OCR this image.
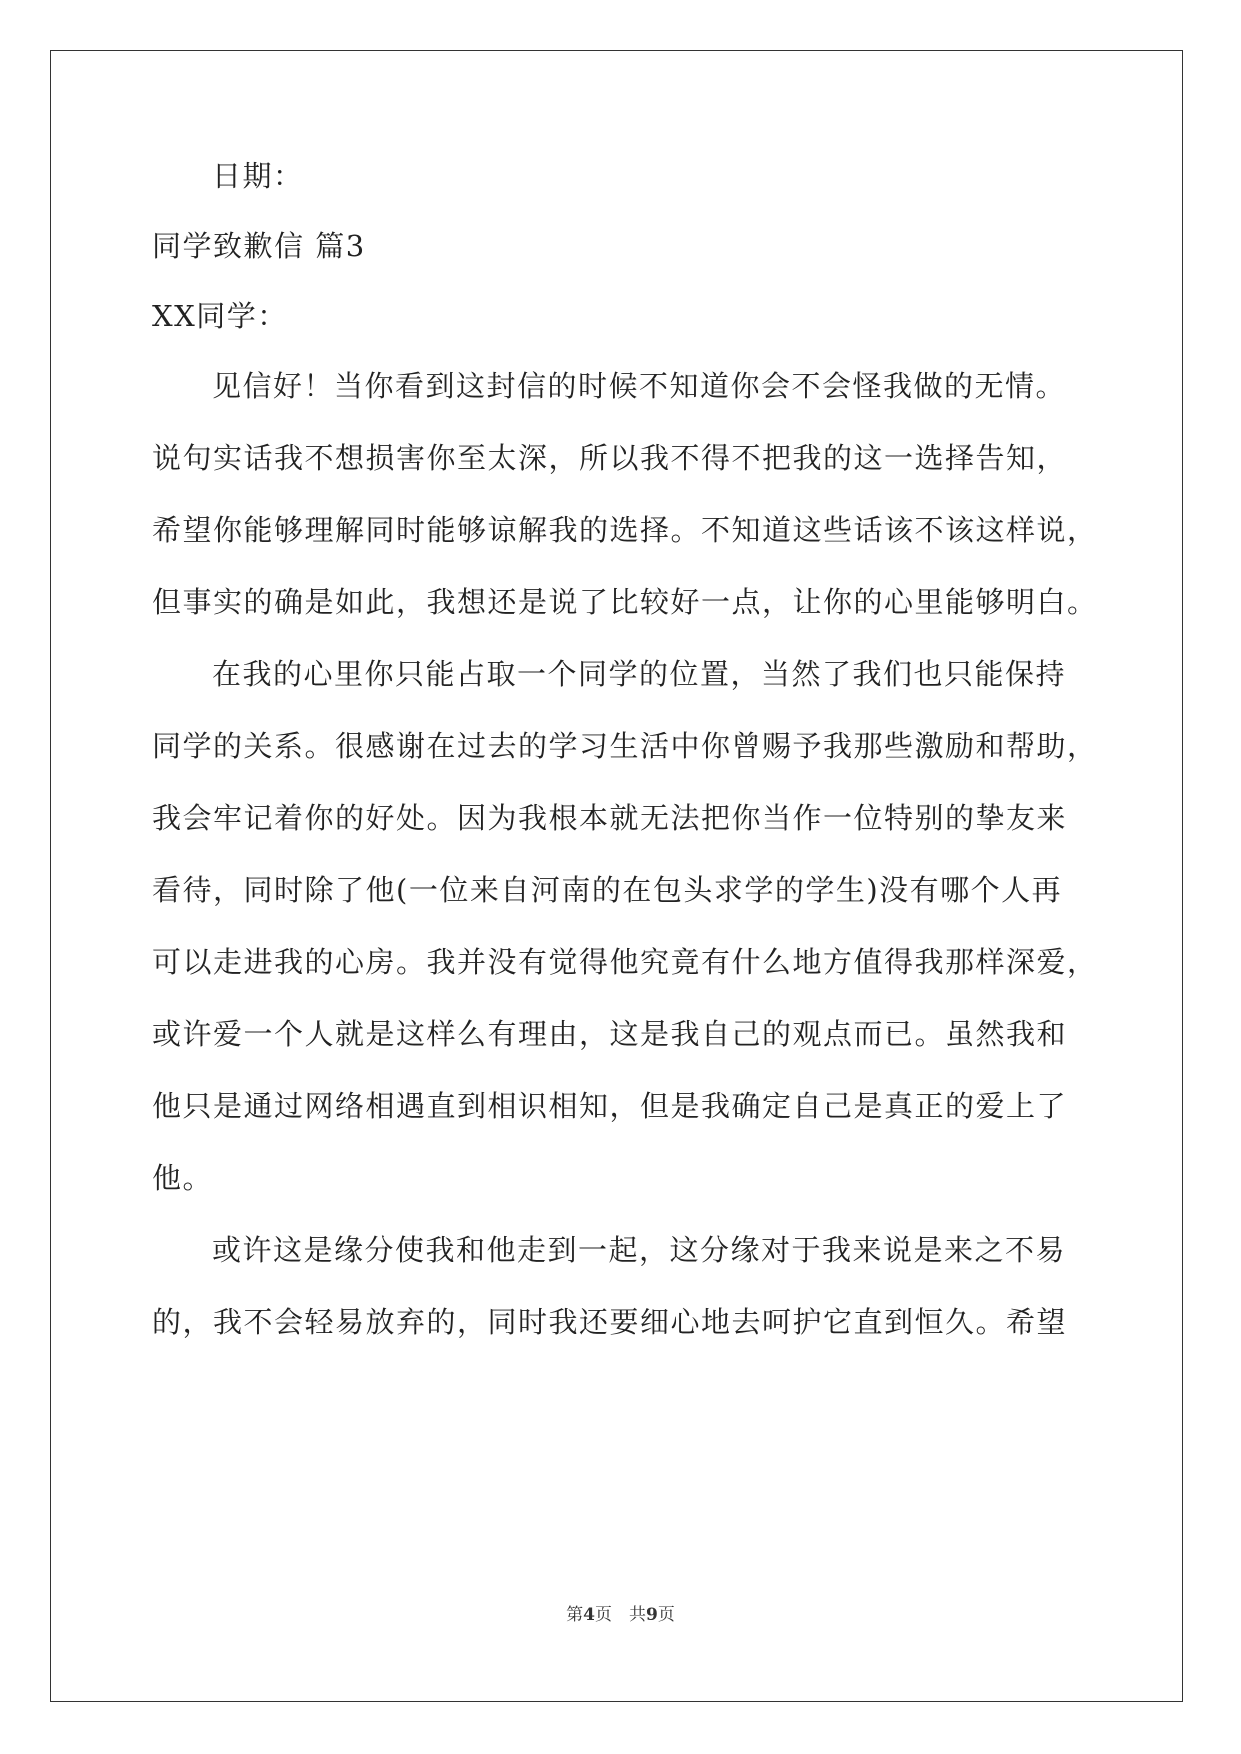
日期：
同学致歉信 篇3
XX同学：
见信好！当你看到这封信的时候不知道你会不会怪我做的无情。
说句实话我不想损害你至太深，所以我不得不把我的这一选择告知，
希望你能够理解同时能够谅解我的选择。不知道这些话该不该这样说，
但事实的确是如此，我想还是说了比较好一点，让你的心里能够明白。
在我的心里你只能占取一个同学的位置，当然了我们也只能保持
同学的关系。很感谢在过去的学习生活中你曾赐予我那些激励和帮助，
我会牢记着你的好处。因为我根本就无法把你当作一位特别的挚友来
看待，同时除了他(一位来自河南的在包头求学的学生)没有哪个人再
可以走进我的心房。我并没有觉得他究竟有什么地方值得我那样深爱，
或许爱一个人就是这样么有理由，这是我自己的观点而已。虽然我和
他只是通过网络相遇直到相识相知，但是我确定自己是真正的爱上了
他。
或许这是缘分使我和他走到一起，这分缘对于我来说是来之不易
的，我不会轻易放弃的，同时我还要细心地去呵护它直到恒久。希望
第4页　共9页
